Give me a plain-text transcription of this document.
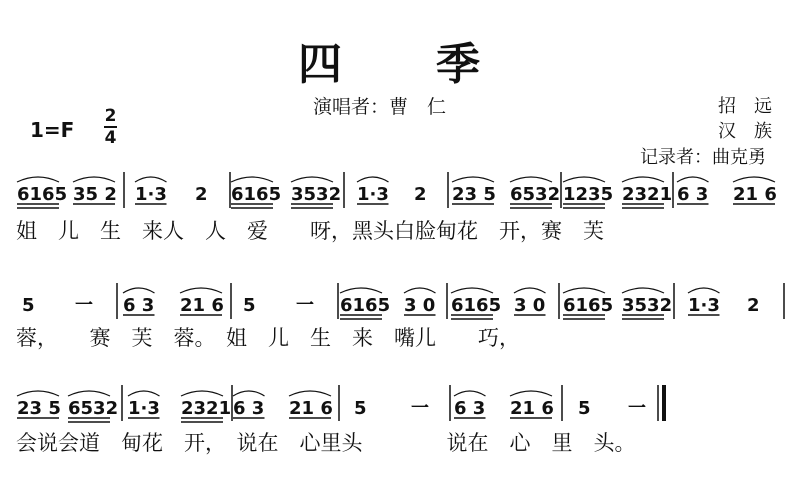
四 季
演唱者：曹　仁	招　远
汉　族
记录者：曲克勇
1=F
2
4
6165 35 2 1·3 2 6165 3532 1·3 2 23 5 6532 1235 2321 6 3 21 6
姐　儿　生　来人　人　爱　　呀，黑头白脸甸花　开，赛　芙
5 一 6 3 21 6 5 一 6165 3 0 6165 3 0 6165 3532 1·3 2
蓉，　　赛　芙　蓉。　姐　儿　生　来　嘴儿　　巧，
23 5 6532 1·3 2321 6 3 21 6 5 一 6 3 21 6 5 一
会说会道　甸花　开，　说在　心里头　　　　说在　心　里　头。
